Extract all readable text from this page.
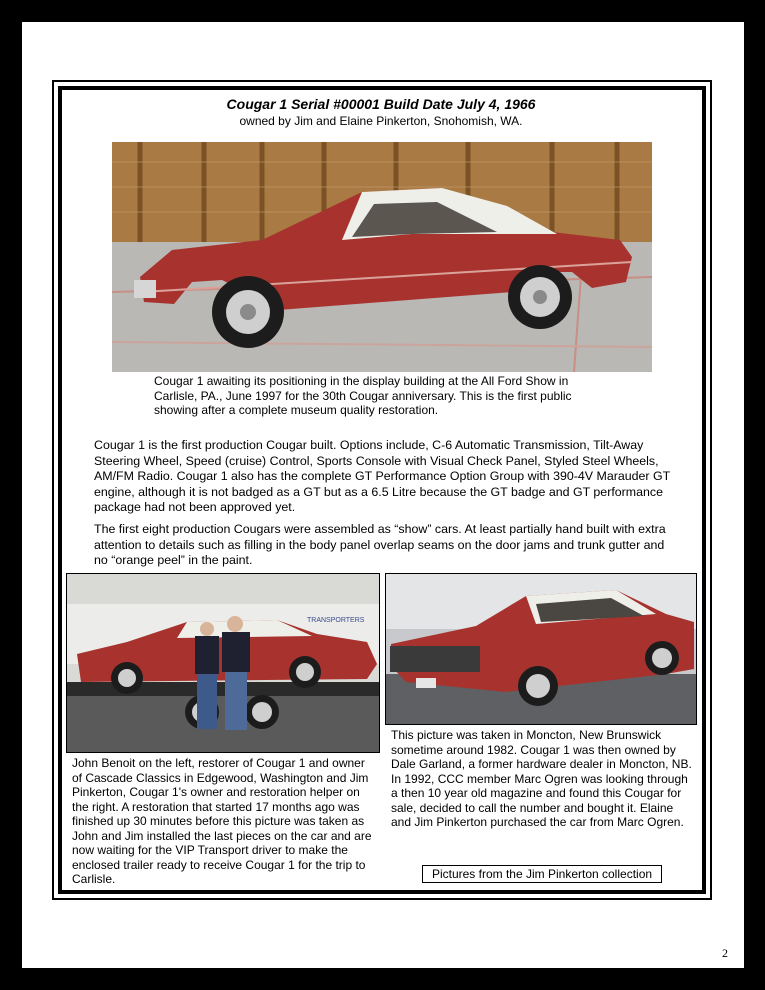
Cougar 1 Serial #00001 Build Date July 4, 1966
owned by Jim and Elaine Pinkerton, Snohomish, WA.
Cougar 1 awaiting its positioning in the display building at the All Ford Show in Carlisle, PA., June 1997 for the 30th Cougar anniversary. This is the first public showing after a complete museum quality restoration.
Cougar 1 is the first production Cougar built. Options include, C-6 Automatic Transmission, Tilt-Away Steering Wheel, Speed (cruise) Control, Sports Console with Visual Check Panel, Styled Steel Wheels, AM/FM Radio. Cougar 1 also has the complete GT Performance Option Group with 390-4V Marauder GT engine, although it is not badged as a GT but as a 6.5 Litre because the GT badge and GT performance package had not been approved yet.
The first eight production Cougars were assembled as “show” cars. At least partially hand built with extra attention to details such as filling in the body panel overlap seams on the door jams and trunk gutter and no “orange peel” in the paint.
TRANSPORTERS
John Benoit on the left, restorer of Cougar 1 and owner of Cascade Classics in Edgewood, Washington and Jim Pinkerton, Cougar 1's owner and restoration helper on the right. A restoration that started 17 months ago was finished up 30 minutes before this picture was taken as John and Jim installed the last pieces on the car and are now waiting for the VIP Transport driver to make the enclosed trailer ready to receive Cougar 1 for the trip to Carlisle.
This picture was taken in Moncton, New Brunswick sometime around 1982. Cougar 1 was then owned by Dale Garland, a former hardware dealer in Moncton, NB. In 1992, CCC member Marc Ogren was looking through a then 10 year old magazine and found this Cougar for sale, decided to call the number and bought it. Elaine and Jim Pinkerton purchased the car from Marc Ogren.
Pictures from the Jim Pinkerton collection
2
